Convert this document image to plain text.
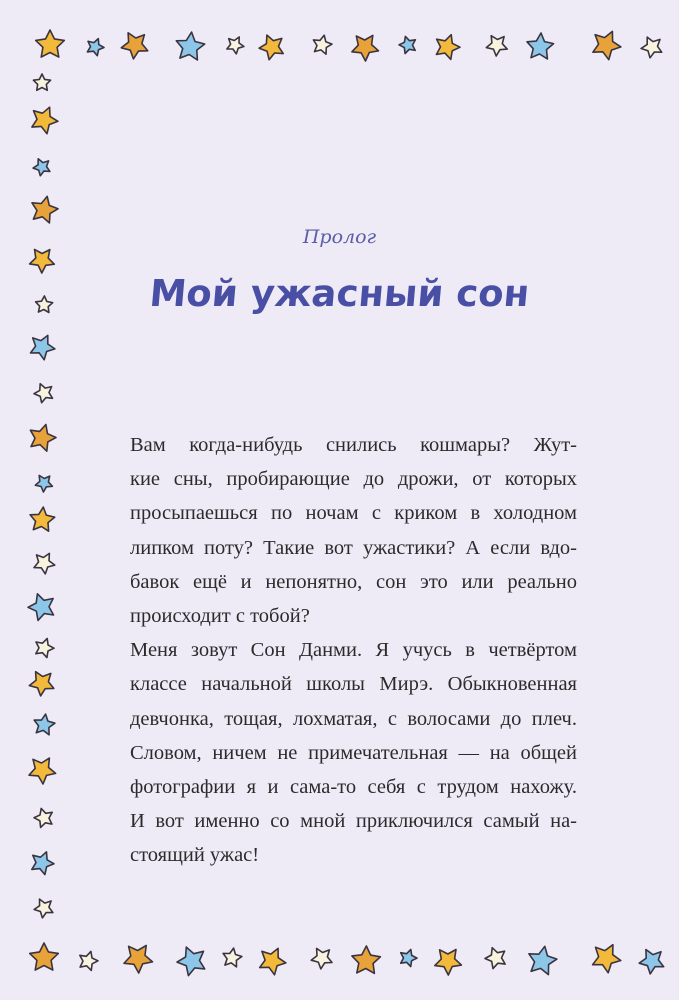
Пролог

Мой ужасный сон

Вам когда-нибудь снились кошмары? Жут-
кие сны, пробирающие до дрожи, от которых
просыпаешься по ночам с криком в холодном
липком поту? Такие вот ужастики? А если вдо-
бавок ещё и непонятно, сон это или реально
происходит с тобой?

Меня зовут Сон Данми. Я учусь в четвёртом
классе начальной школы Мирэ. Обыкновенная
девчонка, тощая, лохматая, с волосами до плеч.
Словом, ничем не примечательная — на общей
фотографии я и сама-то себя с трудом нахожу.
И вот именно со мной приключился самый на-
стоящий ужас!
